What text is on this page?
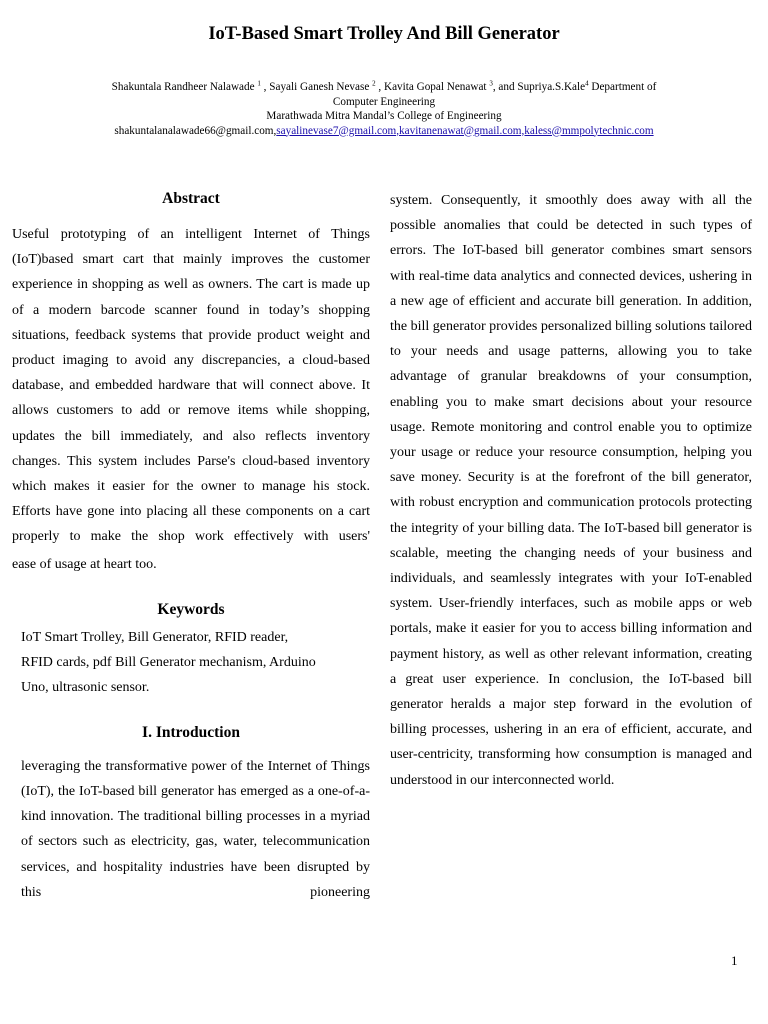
IoT-Based Smart Trolley And Bill Generator

Shakuntala Randheer Nalawade $^1$ , Sayali Ganesh Nevase $^2$ , Kavita Gopal Nenawat $^3$, and Supriya.S.Kale$^4$ Department of

Computer Engineering

Marathwada Mitra Mandal’s College of Engineering

shakuntalanalawade66@gmail.com,sayalinevase7@gmail.com,kavitanenawat@gmail.com,kaless@mmpolytechnic.com

Abstract

Useful prototyping of an intelligent Internet of Things (IoT)based smart cart that mainly improves the customer experience in shopping as well as owners. The cart is made up of a modern barcode scanner found in today’s shopping situations, feedback systems that provide product weight and product imaging to avoid any discrepancies, a cloud-based database, and embedded hardware that will connect above. It allows customers to add or remove items while shopping, updates the bill immediately, and also reflects inventory changes. This system includes Parse's cloud-based inventory which makes it easier for the owner to manage his stock. Efforts have gone into placing all these components on a cart properly to make the shop work effectively with users'

ease of usage at heart too.

Keywords
IoT Smart Trolley, Bill Generator, RFID reader,
RFID cards, pdf Bill Generator mechanism, Arduino
Uno, ultrasonic sensor.
I. Introduction

leveraging the transformative power of the Internet of Things (IoT), the IoT-based bill generator has emerged as a one-of-a-kind innovation. The traditional billing processes in a myriad of sectors such as electricity, gas, water, telecommunication services, and hospitality industries have been disrupted by this pioneering

system. Consequently, it smoothly does away with all the possible anomalies that could be detected in such types of errors. The IoT-based bill generator combines smart sensors with real-time data analytics and connected devices, ushering in a new age of efficient and accurate bill generation. In addition, the bill generator provides personalized billing solutions tailored to your needs and usage patterns, allowing you to take advantage of granular breakdowns of your consumption, enabling you to make smart decisions about your resource usage. Remote monitoring and control enable you to optimize your usage or reduce your resource consumption, helping you save money. Security is at the forefront of the bill generator, with robust encryption and communication protocols protecting the integrity of your billing data. The IoT-based bill generator is scalable, meeting the changing needs of your business and individuals, and seamlessly integrates with your IoT-enabled system. User-friendly interfaces, such as mobile apps or web portals, make it easier for you to access billing information and payment history, as well as other relevant information, creating a great user experience. In conclusion, the IoT-based bill generator heralds a major step forward in the evolution of billing processes, ushering in an era of efficient, accurate, and user-centricity, transforming how consumption is managed and understood in our interconnected world.

1
